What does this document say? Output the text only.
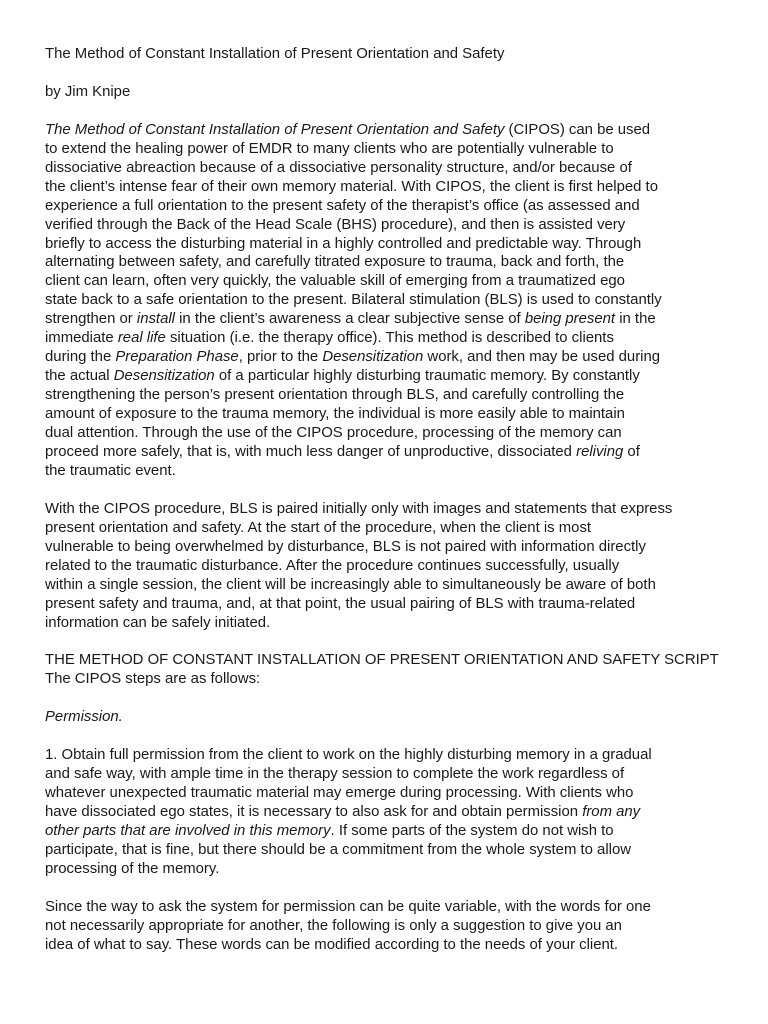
The Method of Constant Installation of Present Orientation and Safety
by Jim Knipe
The Method of Constant Installation of Present Orientation and Safety (CIPOS) can be used
to extend the healing power of EMDR to many clients who are potentially vulnerable to
dissociative abreaction because of a dissociative personality structure, and/or because of
the client’s intense fear of their own memory material. With CIPOS, the client is first helped to
experience a full orientation to the present safety of the therapist’s office (as assessed and
verified through the Back of the Head Scale (BHS) procedure), and then is assisted very
briefly to access the disturbing material in a highly controlled and predictable way. Through
alternating between safety, and carefully titrated exposure to trauma, back and forth, the
client can learn, often very quickly, the valuable skill of emerging from a traumatized ego
state back to a safe orientation to the present. Bilateral stimulation (BLS) is used to constantly
strengthen or install in the client’s awareness a clear subjective sense of being present in the
immediate real life situation (i.e. the therapy office). This method is described to clients
during the Preparation Phase, prior to the Desensitization work, and then may be used during
the actual Desensitization of a particular highly disturbing traumatic memory. By constantly
strengthening the person’s present orientation through BLS, and carefully controlling the
amount of exposure to the trauma memory, the individual is more easily able to maintain
dual attention. Through the use of the CIPOS procedure, processing of the memory can
proceed more safely, that is, with much less danger of unproductive, dissociated reliving of
the traumatic event.
With the CIPOS procedure, BLS is paired initially only with images and statements that express
present orientation and safety. At the start of the procedure, when the client is most
vulnerable to being overwhelmed by disturbance, BLS is not paired with information directly
related to the traumatic disturbance. After the procedure continues successfully, usually
within a single session, the client will be increasingly able to simultaneously be aware of both
present safety and trauma, and, at that point, the usual pairing of BLS with trauma-related
information can be safely initiated.
THE METHOD OF CONSTANT INSTALLATION OF PRESENT ORIENTATION AND SAFETY SCRIPT
The CIPOS steps are as follows:
Permission.
1. Obtain full permission from the client to work on the highly disturbing memory in a gradual
and safe way, with ample time in the therapy session to complete the work regardless of
whatever unexpected traumatic material may emerge during processing. With clients who
have dissociated ego states, it is necessary to also ask for and obtain permission from any
other parts that are involved in this memory. If some parts of the system do not wish to
participate, that is fine, but there should be a commitment from the whole system to allow
processing of the memory.
Since the way to ask the system for permission can be quite variable, with the words for one
not necessarily appropriate for another, the following is only a suggestion to give you an
idea of what to say. These words can be modified according to the needs of your client.
